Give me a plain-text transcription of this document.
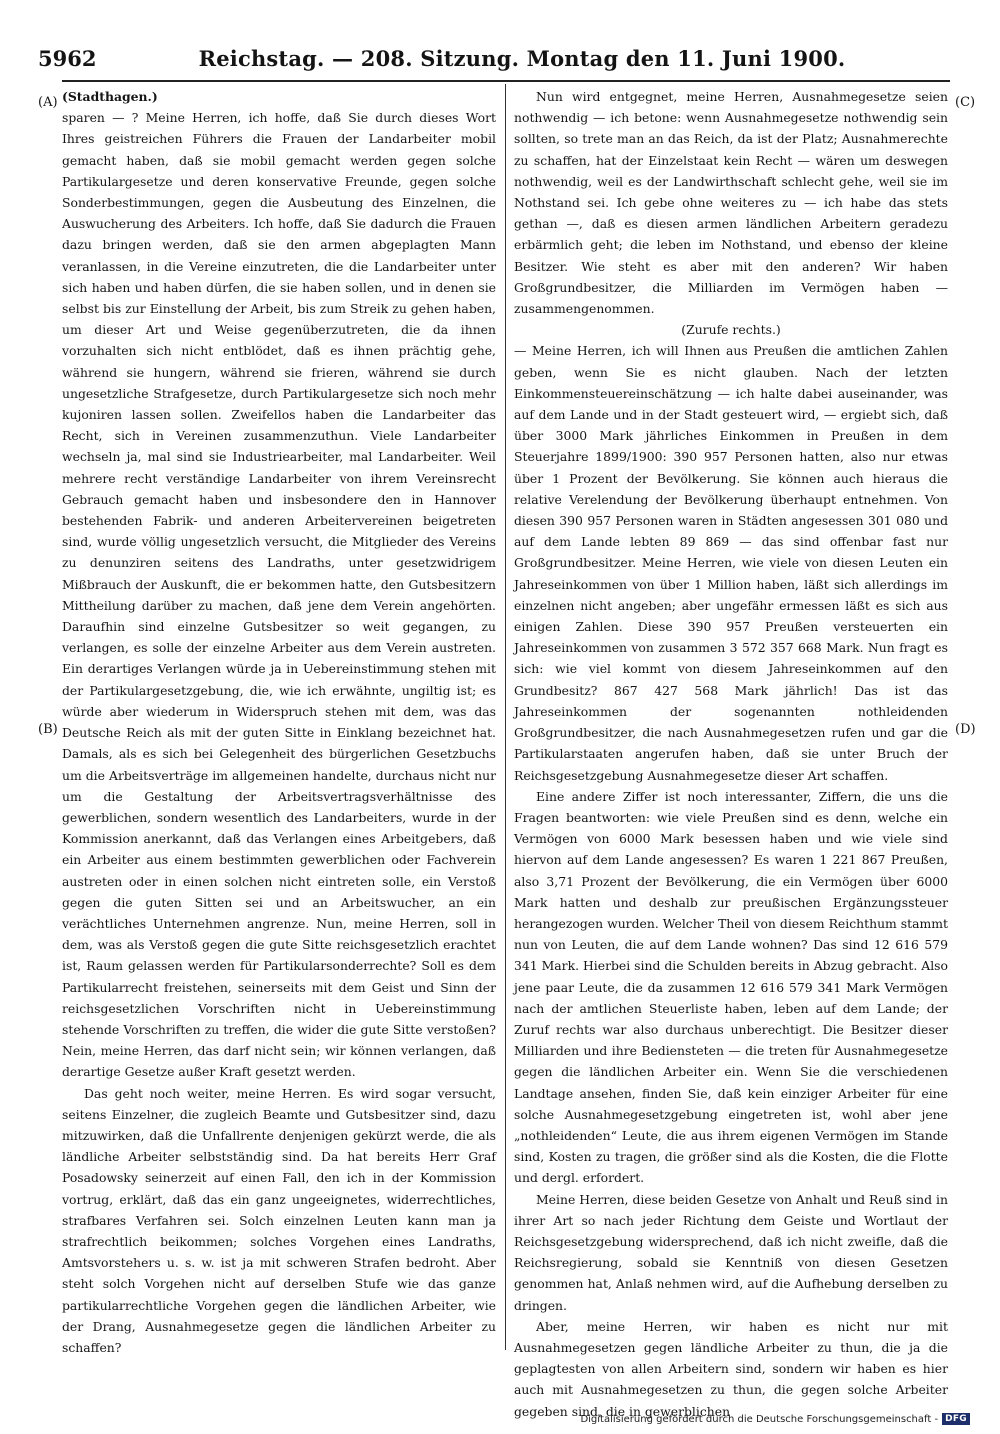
5962	Reichstag. — 208. Sitzung. Montag den 11. Juni 1900.
(A)
(B)
(C)
(D)

(Stadthagen.)

sparen — ? Meine Herren, ich hoffe, daß Sie durch dieses Wort Ihres geistreichen Führers die Frauen der Landarbeiter mobil gemacht haben, daß sie mobil gemacht werden gegen solche Partikulargesetze und deren konservative Freunde, gegen solche Sonderbestimmungen, gegen die Ausbeutung des Einzelnen, die Auswucherung des Arbeiters. Ich hoffe, daß Sie dadurch die Frauen dazu bringen werden, daß sie den armen abgeplagten Mann veranlassen, in die Vereine einzutreten, die die Landarbeiter unter sich haben und haben dürfen, die sie haben sollen, und in denen sie selbst bis zur Einstellung der Arbeit, bis zum Streik zu gehen haben, um dieser Art und Weise gegenüberzutreten, die da ihnen vorzuhalten sich nicht entblödet, daß es ihnen prächtig gehe, während sie hungern, während sie frieren, während sie durch ungesetzliche Strafgesetze, durch Partikulargesetze sich noch mehr kujoniren lassen sollen. Zweifellos haben die Landarbeiter das Recht, sich in Vereinen zusammenzuthun. Viele Landarbeiter wechseln ja, mal sind sie Industriearbeiter, mal Landarbeiter. Weil mehrere recht verständige Landarbeiter von ihrem Vereinsrecht Gebrauch gemacht haben und insbesondere den in Hannover bestehenden Fabrik- und anderen Arbeitervereinen beigetreten sind, wurde völlig ungesetzlich versucht, die Mitglieder des Vereins zu denunziren seitens des Landraths, unter gesetzwidrigem Mißbrauch der Auskunft, die er bekommen hatte, den Gutsbesitzern Mittheilung darüber zu machen, daß jene dem Verein angehörten. Daraufhin sind einzelne Gutsbesitzer so weit gegangen, zu verlangen, es solle der einzelne Arbeiter aus dem Verein austreten. Ein derartiges Verlangen würde ja in Uebereinstimmung stehen mit der Partikulargesetzgebung, die, wie ich erwähnte, ungiltig ist; es würde aber wiederum in Widerspruch stehen mit dem, was das Deutsche Reich als mit der guten Sitte in Einklang bezeichnet hat. Damals, als es sich bei Gelegenheit des bürgerlichen Gesetzbuchs um die Arbeitsverträge im allgemeinen handelte, durchaus nicht nur um die Gestaltung der Arbeitsvertragsverhältnisse des gewerblichen, sondern wesentlich des Landarbeiters, wurde in der Kommission anerkannt, daß das Verlangen eines Arbeitgebers, daß ein Arbeiter aus einem bestimmten gewerblichen oder Fachverein austreten oder in einen solchen nicht eintreten solle, ein Verstoß gegen die guten Sitten sei und an Arbeitswucher, an ein verächtliches Unternehmen angrenze. Nun, meine Herren, soll in dem, was als Verstoß gegen die gute Sitte reichsgesetzlich erachtet ist, Raum gelassen werden für Partikularsonderrechte? Soll es dem Partikularrecht freistehen, seinerseits mit dem Geist und Sinn der reichsgesetzlichen Vorschriften nicht in Uebereinstimmung stehende Vorschriften zu treffen, die wider die gute Sitte verstoßen? Nein, meine Herren, das darf nicht sein; wir können verlangen, daß derartige Gesetze außer Kraft gesetzt werden.

Das geht noch weiter, meine Herren. Es wird sogar versucht, seitens Einzelner, die zugleich Beamte und Gutsbesitzer sind, dazu mitzuwirken, daß die Unfallrente denjenigen gekürzt werde, die als ländliche Arbeiter selbstständig sind. Da hat bereits Herr Graf Posadowsky seinerzeit auf einen Fall, den ich in der Kommission vortrug, erklärt, daß das ein ganz ungeeignetes, widerrechtliches, strafbares Verfahren sei. Solch einzelnen Leuten kann man ja strafrechtlich beikommen; solches Vorgehen eines Landraths, Amtsvorstehers u. s. w. ist ja mit schweren Strafen bedroht. Aber steht solch Vorgehen nicht auf derselben Stufe wie das ganze partikularrechtliche Vorgehen gegen die ländlichen Arbeiter, wie der Drang, Ausnahmegesetze gegen die ländlichen Arbeiter zu schaffen?

Nun wird entgegnet, meine Herren, Ausnahmegesetze seien nothwendig — ich betone: wenn Ausnahmegesetze nothwendig sein sollten, so trete man an das Reich, da ist der Platz; Ausnahmerechte zu schaffen, hat der Einzelstaat kein Recht — wären um deswegen nothwendig, weil es der Landwirthschaft schlecht gehe, weil sie im Nothstand sei. Ich gebe ohne weiteres zu — ich habe das stets gethan —, daß es diesen armen ländlichen Arbeitern geradezu erbärmlich geht; die leben im Nothstand, und ebenso der kleine Besitzer. Wie steht es aber mit den anderen? Wir haben Großgrundbesitzer, die Milliarden im Vermögen haben — zusammengenommen.

(Zurufe rechts.)

— Meine Herren, ich will Ihnen aus Preußen die amtlichen Zahlen geben, wenn Sie es nicht glauben. Nach der letzten Einkommensteuereinschätzung — ich halte dabei auseinander, was auf dem Lande und in der Stadt gesteuert wird, — ergiebt sich, daß über 3000 Mark jährliches Einkommen in Preußen in dem Steuerjahre 1899/1900: 390 957 Personen hatten, also nur etwas über 1 Prozent der Bevölkerung. Sie können auch hieraus die relative Verelendung der Bevölkerung überhaupt entnehmen. Von diesen 390 957 Personen waren in Städten angesessen 301 080 und auf dem Lande lebten 89 869 — das sind offenbar fast nur Großgrundbesitzer. Meine Herren, wie viele von diesen Leuten ein Jahreseinkommen von über 1 Million haben, läßt sich allerdings im einzelnen nicht angeben; aber ungefähr ermessen läßt es sich aus einigen Zahlen. Diese 390 957 Preußen versteuerten ein Jahreseinkommen von zusammen 3 572 357 668 Mark. Nun fragt es sich: wie viel kommt von diesem Jahreseinkommen auf den Grundbesitz? 867 427 568 Mark jährlich! Das ist das Jahreseinkommen der sogenannten nothleidenden Großgrundbesitzer, die nach Ausnahmegesetzen rufen und gar die Partikularstaaten angerufen haben, daß sie unter Bruch der Reichsgesetzgebung Ausnahmegesetze dieser Art schaffen.

Eine andere Ziffer ist noch interessanter, Ziffern, die uns die Fragen beantworten: wie viele Preußen sind es denn, welche ein Vermögen von 6000 Mark besessen haben und wie viele sind hiervon auf dem Lande angesessen? Es waren 1 221 867 Preußen, also 3,71 Prozent der Bevölkerung, die ein Vermögen über 6000 Mark hatten und deshalb zur preußischen Ergänzungssteuer herangezogen wurden. Welcher Theil von diesem Reichthum stammt nun von Leuten, die auf dem Lande wohnen? Das sind 12 616 579 341 Mark. Hierbei sind die Schulden bereits in Abzug gebracht. Also jene paar Leute, die da zusammen 12 616 579 341 Mark Vermögen nach der amtlichen Steuerliste haben, leben auf dem Lande; der Zuruf rechts war also durchaus unberechtigt. Die Besitzer dieser Milliarden und ihre Bediensteten — die treten für Ausnahmegesetze gegen die ländlichen Arbeiter ein. Wenn Sie die verschiedenen Landtage ansehen, finden Sie, daß kein einziger Arbeiter für eine solche Ausnahmegesetzgebung eingetreten ist, wohl aber jene „nothleidenden“ Leute, die aus ihrem eigenen Vermögen im Stande sind, Kosten zu tragen, die größer sind als die Kosten, die die Flotte und dergl. erfordert.

Meine Herren, diese beiden Gesetze von Anhalt und Reuß sind in ihrer Art so nach jeder Richtung dem Geiste und Wortlaut der Reichsgesetzgebung widersprechend, daß ich nicht zweifle, daß die Reichsregierung, sobald sie Kenntniß von diesen Gesetzen genommen hat, Anlaß nehmen wird, auf die Aufhebung derselben zu dringen.

Aber, meine Herren, wir haben es nicht nur mit Ausnahmegesetzen gegen ländliche Arbeiter zu thun, die ja die geplagtesten von allen Arbeitern sind, sondern wir haben es hier auch mit Ausnahmegesetzen zu thun, die gegen solche Arbeiter gegeben sind, die in gewerblichen

Digitalisierung gefördert durch die Deutsche Forschungsgemeinschaft - DFG
